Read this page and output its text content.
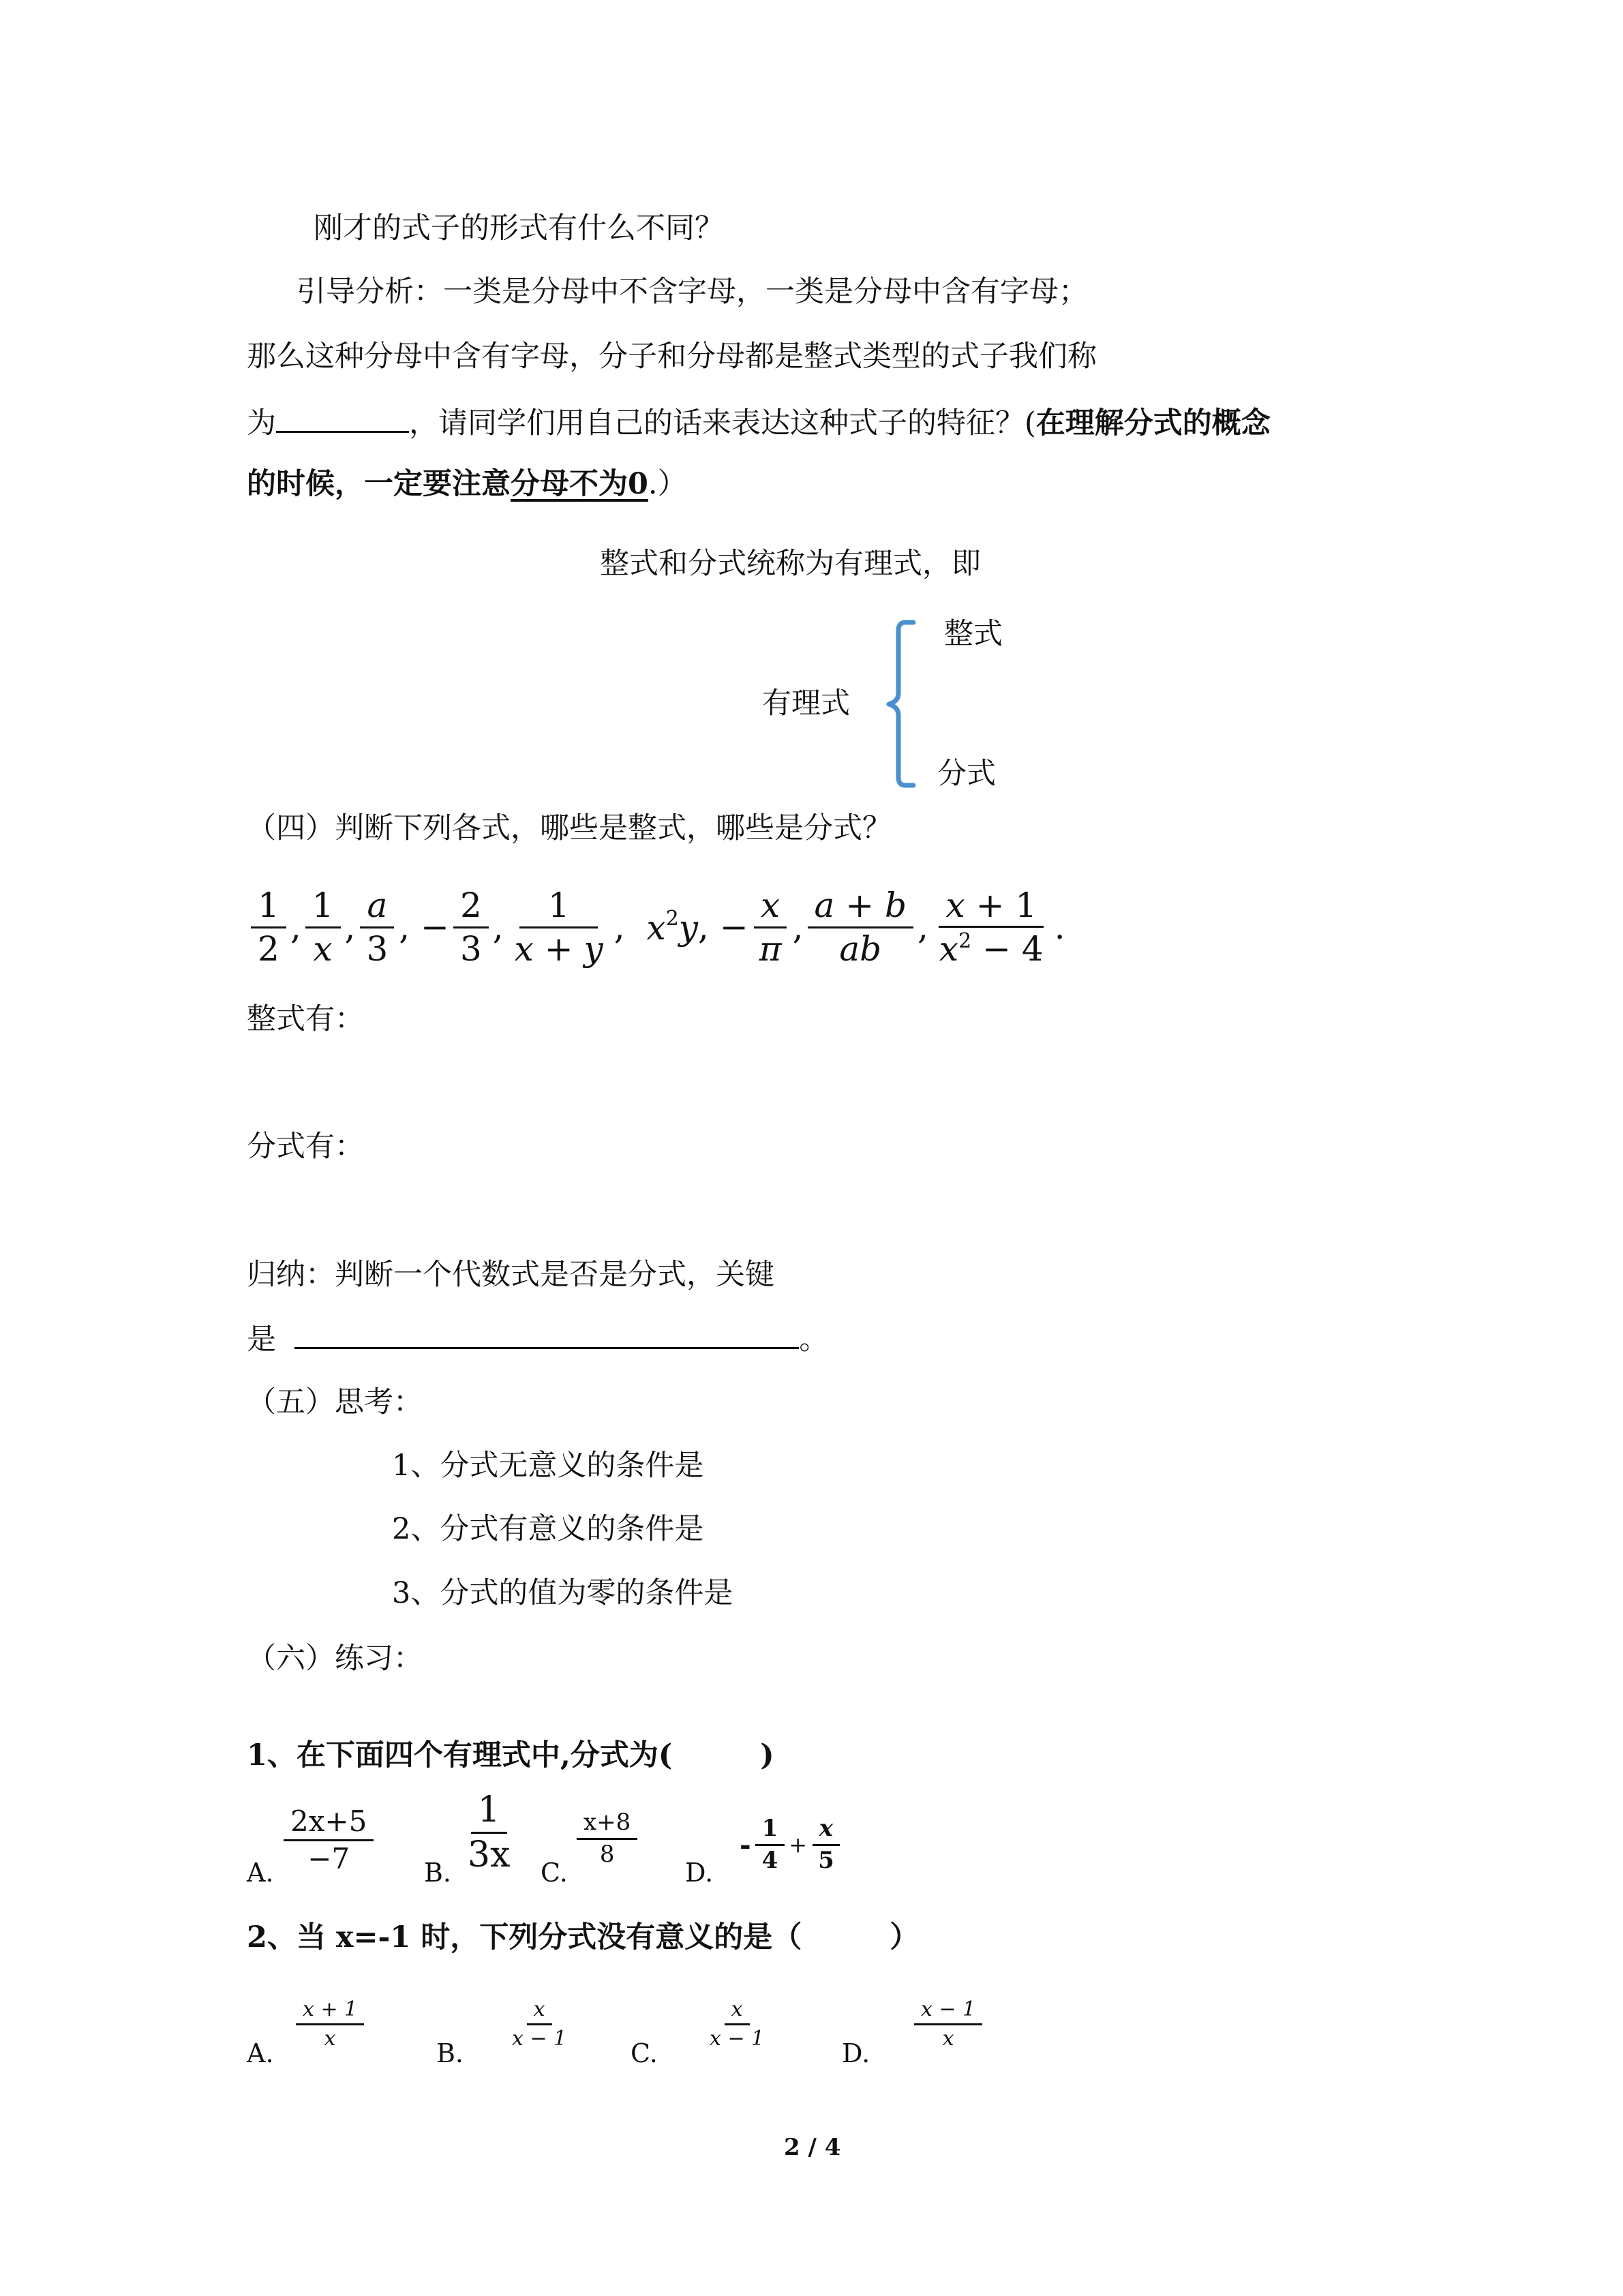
刚才的式子的形式有什么不同？
引导分析：一类是分母中不含字母，一类是分母中含有字母；
那么这种分母中含有字母，分子和分母都是整式类型的式子我们称
为	，请同学们用自己的话来表达这种式子的特征？(在理解分式的概念
的时候，一定要注意分母不为0.）
整式和分式统称为有理式，即
有理式
整式
分式
（四）判断下列各式，哪些是整式，哪些是分式？
$\frac{1}{2}$ , $\frac{1}{x}$ , $\frac{a}{3}$ , − $\frac{2}{3}$ , $\frac{1}{x + y}$ , $x^2y$ , − $\frac{x}{\pi}$ , $\frac{a + b}{ab}$ , $\frac{x + 1}{x^2 - 4}$ .
整式有：
分式有：
归纳：判断一个代数式是否是分式，关键
是	。
（五）思考：
1、分式无意义的条件是
2、分式有意义的条件是
3、分式的值为零的条件是
（六）练习：
1、在下面四个有理式中,分式为(　　　)
A. $\frac{2x+5}{-7} B$. $\frac{1}{3x} C$.
$\frac{x+8}{8}$
D.
- $\frac{1}{4} + \frac{x}{5}$
2、当 x=-1 时，下列分式没有意义的是（　　　）
A.
$\frac{x + 1}{x}$
B.
$\frac{x}{x - 1}$
C.
$\frac{x}{x - 1}$
D.
$\frac{x - 1}{x}$
2 / 4
